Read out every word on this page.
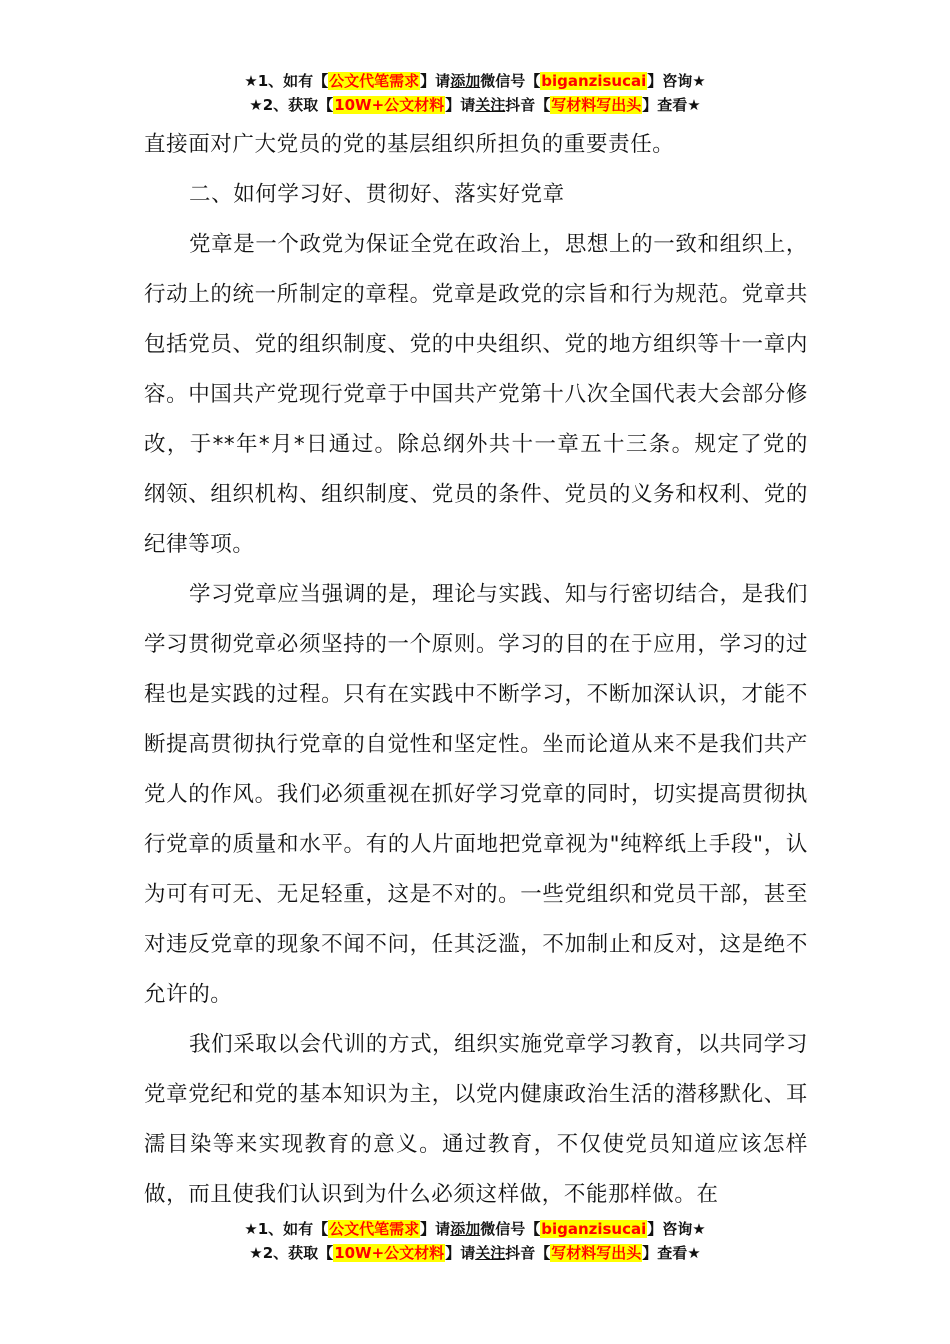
★1、如有【公文代笔需求】请添加微信号【biganzisucai】咨询★
★2、获取【10W+公文材料】请关注抖音【写材料写出头】查看★

直接面对广大党员的党的基层组织所担负的重要责任。

二、如何学习好、贯彻好、落实好党章

党章是一个政党为保证全党在政治上，思想上的一致和组织上，行动上的统一所制定的章程。党章是政党的宗旨和行为规范。党章共包括党员、党的组织制度、党的中央组织、党的地方组织等十一章内容。中国共产党现行党章于中国共产党第十八次全国代表大会部分修改，于**年*月*日通过。除总纲外共十一章五十三条。规定了党的纲领、组织机构、组织制度、党员的条件、党员的义务和权利、党的纪律等项。

学习党章应当强调的是，理论与实践、知与行密切结合，是我们学习贯彻党章必须坚持的一个原则。学习的目的在于应用，学习的过程也是实践的过程。只有在实践中不断学习，不断加深认识，才能不断提高贯彻执行党章的自觉性和坚定性。坐而论道从来不是我们共产党人的作风。我们必须重视在抓好学习党章的同时，切实提高贯彻执行党章的质量和水平。有的人片面地把党章视为"纯粹纸上手段"，认为可有可无、无足轻重，这是不对的。一些党组织和党员干部，甚至对违反党章的现象不闻不问，任其泛滥，不加制止和反对，这是绝不允许的。

我们采取以会代训的方式，组织实施党章学习教育，以共同学习党章党纪和党的基本知识为主，以党内健康政治生活的潜移默化、耳濡目染等来实现教育的意义。通过教育，不仅使党员知道应该怎样做，而且使我们认识到为什么必须这样做，不能那样做。在

★1、如有【公文代笔需求】请添加微信号【biganzisucai】咨询★
★2、获取【10W+公文材料】请关注抖音【写材料写出头】查看★
